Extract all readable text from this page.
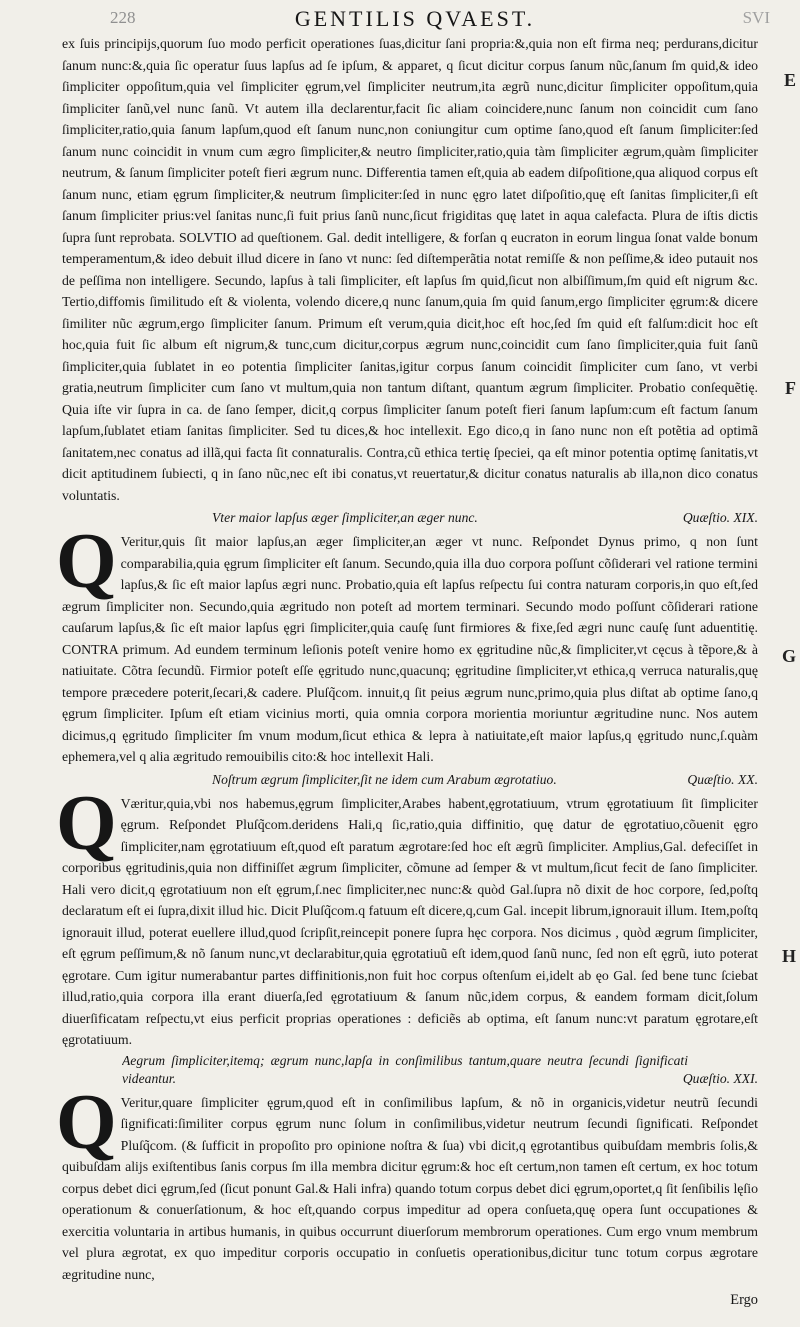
228	GENTILIS QVAEST.	SVI

ex ſuis principijs,quorum ſuo modo perficit operationes ſuas,dicitur ſani propria:&,quia non eſt firma neq; perdurans,dicitur ſanum nunc:&,quia ſic operatur ſuus lapſus ad ſe ipſum, & apparet, q ſicut dicitur corpus ſanum nũc,ſanum ſm quid,& ideo ſimpliciter oppoſitum,quia vel ſimpliciter ęgrum,vel ſimpliciter neutrum,ita ægrũ nunc,dicitur ſimpliciter oppoſitum,quia ſimpliciter ſanũ,vel nunc ſanũ. Vt autem illa declarentur,facit ſic aliam coincidere,nunc ſanum non coincidit cum ſano ſimpliciter,ratio,quia ſanum lapſum,quod eſt ſanum nunc,non coniungitur cum optime ſano,quod eſt ſanum ſimpliciter:ſed ſanum nunc coincidit in vnum cum ægro ſimpliciter,& neutro ſimpliciter,ratio,quia tàm ſimpliciter ægrum,quàm ſimpliciter neutrum, & ſanum ſimpliciter poteſt fieri ægrum nunc. Differentia tamen eſt,quia ab eadem diſpoſitione,qua aliquod corpus eſt ſanum nunc, etiam ęgrum ſimpliciter,& neutrum ſimpliciter:ſed in nunc ęgro latet diſpoſitio,quę eſt ſanitas ſimpliciter,ſi eſt ſanum ſimpliciter prius:vel ſanitas nunc,ſi fuit prius ſanũ nunc,ſicut frigiditas quę latet in aqua calefacta. Plura de iſtis dictis ſupra ſunt reprobata. SOLVTIO ad queſtionem. Gal. dedit intelligere, & forſan q eucraton in eorum lingua ſonat valde bonum temperamentum,& ideo debuit illud dicere in ſano vt nunc: ſed diſtemperãtia notat remiſſe & non peſſime,& ideo putauit nos de peſſima non intelligere. Secundo, lapſus à tali ſimpliciter, eſt lapſus ſm quid,ſicut non albiſſimum,ſm quid eſt nigrum &c. Tertio,diffomis ſimilitudo eſt & violenta, volendo dicere,q nunc ſanum,quia ſm quid ſanum,ergo ſimpliciter ęgrum:& dicere ſimiliter nũc ægrum,ergo ſimpliciter ſanum. Primum eſt verum,quia dicit,hoc eſt hoc,ſed ſm quid eſt falſum:dicit hoc eſt hoc,quia fuit ſic album eſt nigrum,& tunc,cum dicitur,corpus ægrum nunc,coincidit cum ſano ſimpliciter,quia fuit ſanũ ſimpliciter,quia ſublatet in eo potentia ſimpliciter ſanitas,igitur corpus ſanum coincidit ſimpliciter cum ſano, vt verbi gratia,neutrum ſimpliciter cum ſano vt multum,quia non tantum diſtant, quantum ægrum ſimpliciter. Probatio conſequẽtię. Quia iſte vir ſupra in ca. de ſano ſemper, dicit,q corpus ſimpliciter ſanum poteſt fieri ſanum lapſum:cum eſt factum ſanum lapſum,ſublatet etiam ſanitas ſimpliciter. Sed tu dices,& hoc intellexit. Ego dico,q in ſano nunc non eſt potẽtia ad optimã ſanitatem,nec conatus ad illã,qui facta ſit connaturalis. Contra,cũ ethica tertię ſpeciei, qa eſt minor potentia optimę ſanitatis,vt dicit aptitudinem ſubiecti, q in ſano nũc,nec eſt ibi conatus,vt reuertatur,& dicitur conatus naturalis ab illa,non dico conatus voluntatis.

Vter maior lapſus æger ſimpliciter,an æger nunc.	Quæſtio. XIX.

Q Veritur,quis ſit maior lapſus,an æger ſimpliciter,an æger vt nunc. Reſpondet Dynus primo, q non ſunt comparabilia,quia ęgrum ſimpliciter eſt ſanum. Secundo,quia illa duo corpora poſſunt cõſiderari vel ratione termini lapſus,& ſic eſt maior lapſus ægri nunc. Probatio,quia eſt lapſus reſpectu ſui contra naturam corporis,in quo eſt,ſed ægrum ſimpliciter non. Secundo,quia ægritudo non poteſt ad mortem terminari. Secundo modo poſſunt cõſiderari ratione cauſarum lapſus,& ſic eſt maior lapſus ęgri ſimpliciter,quia cauſę ſunt firmiores & fixe,ſed ægri nunc cauſę ſunt aduentitię. CONTRA primum. Ad eundem terminum leſionis poteſt venire homo ex ęgritudine nũc,& ſimpliciter,vt cęcus à tẽpore,& à natiuitate. Cõtra ſecundũ. Firmior poteſt eſſe ęgritudo nunc,quacunq; ęgritudine ſimpliciter,vt ethica,q verruca naturalis,quę tempore præcedere poterit,ſecari,& cadere. Pluſq̃com. innuit,q ſit peius ægrum nunc,primo,quia plus diſtat ab optime ſano,q ęgrum ſimpliciter. Ipſum eſt etiam vicinius morti, quia omnia corpora morientia moriuntur ægritudine nunc. Nos autem dicimus,q ęgritudo ſimpliciter ſm vnum modum,ſicut ethica & lepra à natiuitate,eſt maior lapſus,q ęgritudo nunc,ſ.quàm ephemera,vel q alia ægritudo remouibilis cito:& hoc intellexit Hali.

Noſtrum ægrum ſimpliciter,ſit ne idem cum Arabum ægrotatiuo.	Quæſtio. XX.

Q Væritur,quia,vbi nos habemus,ęgrum ſimpliciter,Arabes habent,ęgrotatiuum, vtrum ęgrotatiuum ſit ſimpliciter ęgrum. Reſpondet Pluſq̃com.deridens Hali,q ſic,ratio,quia diffinitio, quę datur de ęgrotatiuo,cõuenit ęgro ſimpliciter,nam ęgrotatiuum eſt,quod eſt paratum ægrotare:ſed hoc eſt ægrũ ſimpliciter. Amplius,Gal. defeciſſet in corporibus ęgritudinis,quia non diffiniſſet ægrum ſimpliciter, cõmune ad ſemper & vt multum,ſicut fecit de ſano ſimpliciter. Hali vero dicit,q ęgrotatiuum non eſt ęgrum,ſ.nec ſimpliciter,nec nunc:& quòd Gal.ſupra nõ dixit de hoc corpore, ſed,poſtq declaratum eſt ei ſupra,dixit illud hic. Dicit Pluſq̃com.q fatuum eſt dicere,q,cum Gal. incepit librum,ignorauit illum. Item,poſtq ignorauit illud, poterat euellere illud,quod ſcripſit,reincepit ponere ſupra hęc corpora. Nos dicimus , quòd ægrum ſimpliciter, eſt ęgrum peſſimum,& nõ ſanum nunc,vt declarabitur,quia ęgrotatiuũ eſt idem,quod ſanũ nunc, ſed non eſt ęgrũ, iuto poterat ęgrotare. Cum igitur numerabantur partes diffinitionis,non fuit hoc corpus oſtenſum ei,idelt ab ęo Gal. ſed bene tunc ſciebat illud,ratio,quia corpora illa erant diuerſa,ſed ęgrotatiuum & ſanum nũc,idem corpus, & eandem formam dicit,ſolum diuerſificatam reſpectu,vt eius perficit proprias operationes : deficiẽs ab optima, eſt ſanum nunc:vt paratum ęgrotare,eſt ęgrotatiuum.

Aegrum ſimpliciter,itemq; ægrum nunc,lapſa in conſimilibus tantum,quare neutra ſecundi ſignificati videantur.	Quæſtio. XXI.

Q Veritur,quare ſimpliciter ęgrum,quod eſt in conſimilibus lapſum, & nõ in organicis,videtur neutrũ ſecundi ſignificati:ſimiliter corpus ęgrum nunc ſolum in conſimilibus,videtur neutrum ſecundi ſignificati. Reſpondet Pluſq̃com. (& ſufficit in propoſito pro opinione noſtra & ſua) vbi dicit,q ęgrotantibus quibuſdam membris ſolis,& quibuſdam alijs exiſtentibus ſanis corpus ſm illa membra dicitur ęgrum:& hoc eſt certum,non tamen eſt certum, ex hoc totum corpus debet dici ęgrum,ſed (ſicut ponunt Gal.& Hali infra) quando totum corpus debet dici ęgrum,oportet,q ſit ſenſibilis lęſio operationum & conuerſationum, & hoc eſt,quando corpus impeditur ad opera conſueta,quę opera ſunt occupationes & exercitia voluntaria in artibus humanis, in quibus occurrunt diuerſorum membrorum operationes. Cum ergo vnum membrum vel plura ægrotat, ex quo impeditur corporis occupatio in conſuetis operationibus,dicitur tunc totum corpus ægrotare ægritudine nunc,

E
F
G
H
Ergo
